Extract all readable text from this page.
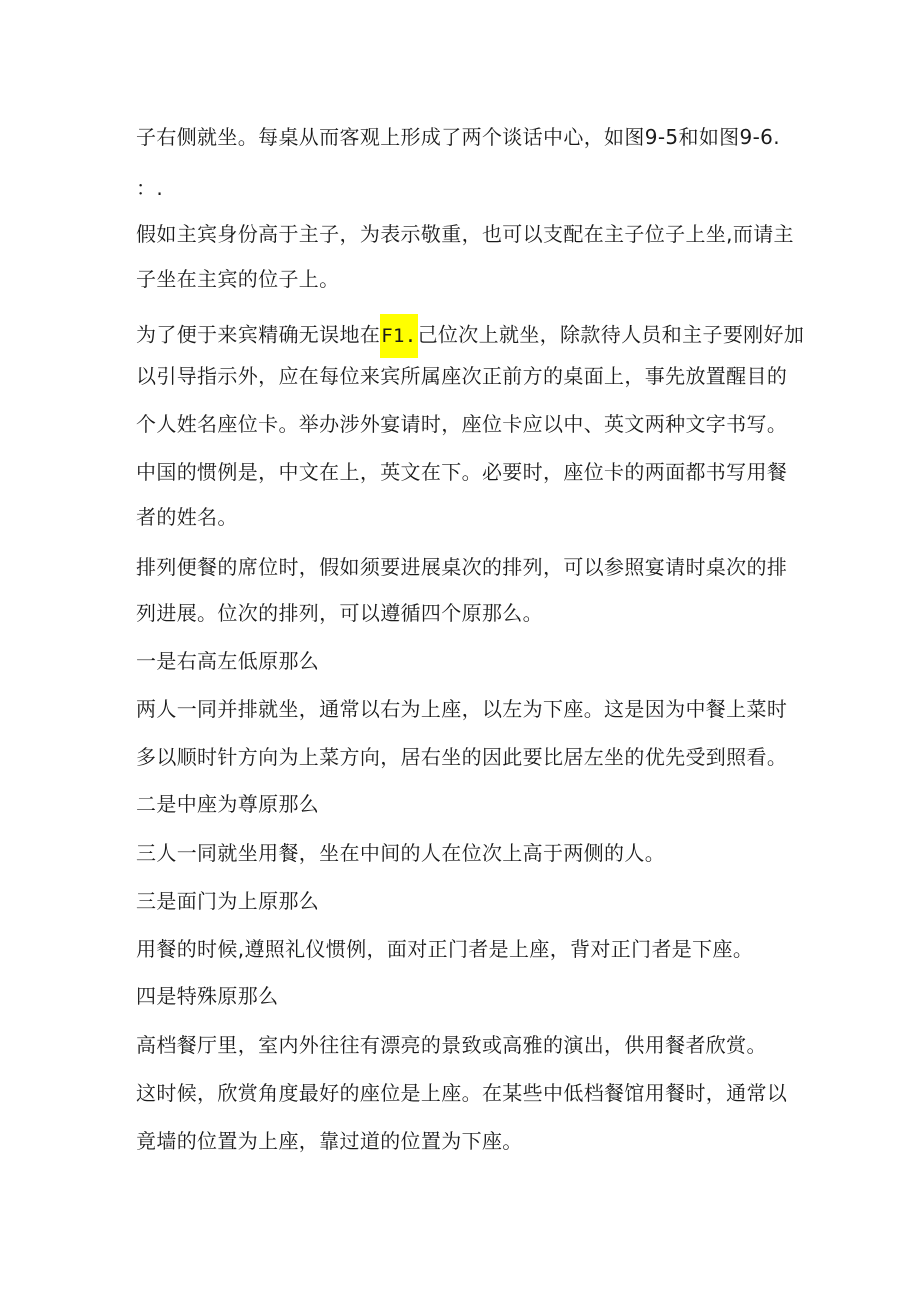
子右侧就坐。每桌从而客观上形成了两个谈话中心，如图9-5和如图9-6.
：.
假如主宾身份高于主子，为表示敬重，也可以支配在主子位子上坐,而请主
子坐在主宾的位子上。
为了便于来宾精确无误地在F1.己位次上就坐，除款待人员和主子要刚好加
以引导指示外，应在每位来宾所属座次正前方的桌面上，事先放置醒目的
个人姓名座位卡。举办涉外宴请时，座位卡应以中、英文两种文字书写。
中国的惯例是，中文在上，英文在下。必要时，座位卡的两面都书写用餐
者的姓名。
排列便餐的席位时，假如须要进展桌次的排列，可以参照宴请时桌次的排
列进展。位次的排列，可以遵循四个原那么。
一是右高左低原那么
两人一同并排就坐，通常以右为上座，以左为下座。这是因为中餐上菜时
多以顺时针方向为上菜方向，居右坐的因此要比居左坐的优先受到照看。
二是中座为尊原那么
三人一同就坐用餐，坐在中间的人在位次上高于两侧的人。
三是面门为上原那么
用餐的时候,遵照礼仪惯例，面对正门者是上座，背对正门者是下座。
四是特殊原那么
高档餐厅里，室内外往往有漂亮的景致或高雅的演出，供用餐者欣赏。
这时候，欣赏角度最好的座位是上座。在某些中低档餐馆用餐时，通常以
竟墙的位置为上座，靠过道的位置为下座。
